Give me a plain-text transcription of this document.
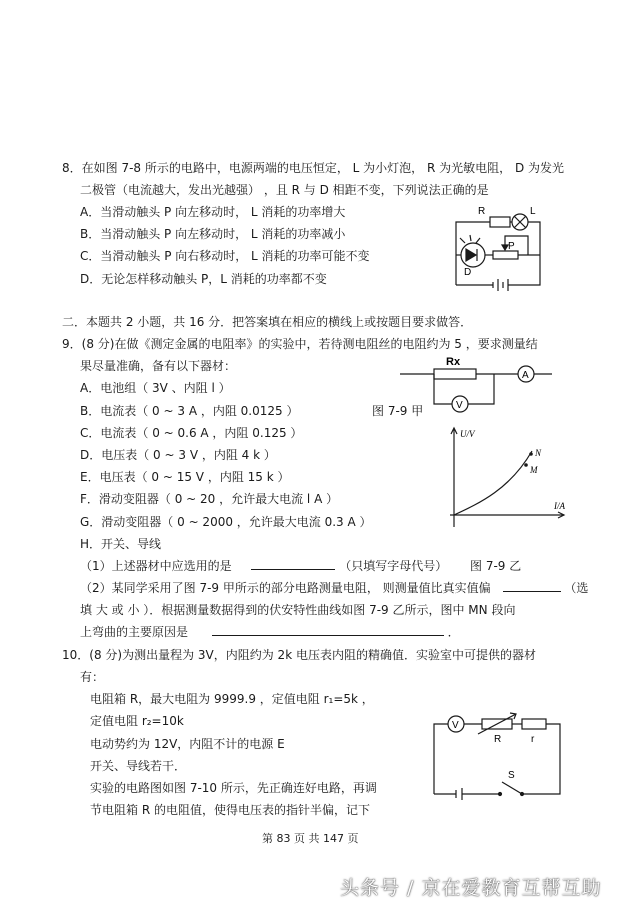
8．在如图 7-8 所示的电路中，电源两端的电压恒定， L 为小灯泡， R 为光敏电阻， D 为发光
二极管（电流越大，发出光越强） ，且 R 与 D 相距不变，下列说法正确的是
A．当滑动触头 P 向左移动时， L 消耗的功率增大
B．当滑动触头 P 向左移动时， L 消耗的功率减小
C．当滑动触头 P 向右移动时， L 消耗的功率可能不变
D．无论怎样移动触头 P，L 消耗的功率都不变
R	L
P
D
二．本题共 2 小题，共 16 分．把答案填在相应的横线上或按题目要求做答．
9．(8 分)在做《测定金属的电阻率》的实验中，若待测电阻丝的电阻约为 5 ，要求测量结
果尽量准确，备有以下器材：
A．电池组（ 3V 、内阻 l ）
B．电流表（ 0 ~ 3 A ，内阻 0.0125 ）
C．电流表（ 0 ~ 0.6 A ，内阻 0.125 ）
D．电压表（ 0 ~ 3 V ，内阻 4 k ）
E．电压表（ 0 ~ 15 V ，内阻 15 k ）
F．滑动变阻器（ 0 ~ 20 ，允许最大电流 l A ）
G．滑动变阻器（ 0 ~ 2000 ，允许最大电流 0.3 A ）
H．开关、导线
Rx
A
V
图 7-9 甲
U/V
I/A
N
M
（1）上述器材中应选用的是	（只填写字母代号） 图 7-9 乙
（2）某同学采用了图 7-9 甲所示的部分电路测量电阻， 则测量值比真实值偏	（选
填 大 或 小 ）．根据测量数据得到的伏安特性曲线如图 7-9 乙所示，图中 MN 段向
上弯曲的主要原因是	．
10．(8 分)为测出量程为 3V，内阻约为 2k 电压表内阻的精确值．实验室中可提供的器材
有：
电阻箱 R，最大电阻为 9999.9 ，定值电阻 r₁=5k ，
定值电阻 r₂=10k
电动势约为 12V，内阻不计的电源 E
开关、导线若干．
实验的电路图如图 7-10 所示，先正确连好电路，再调
节电阻箱 R 的电阻值，使得电压表的指针半偏，记下
V
R	r
S
第 83 页 共 147 页
头条号 / 京在爱教育互帮互助
